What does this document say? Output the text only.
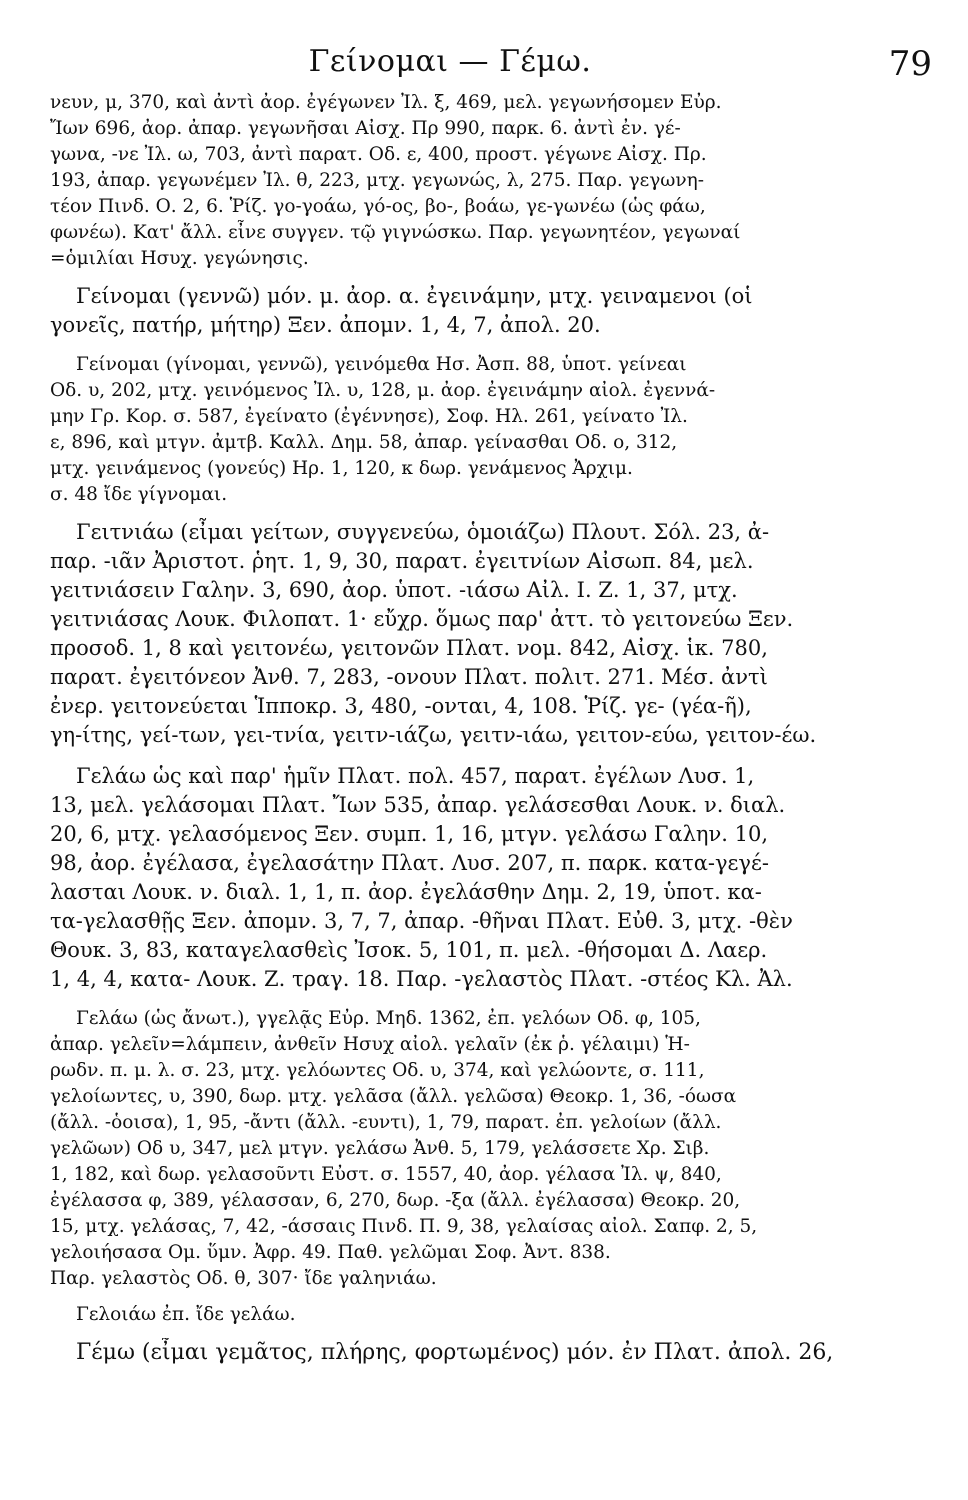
Γείνομαι — Γέμω.	79
νευν, μ, 370, καὶ ἀντὶ ἀορ. ἐγέγωνεν Ἰλ. ξ, 469, μελ. γεγωνήσομεν Εὐρ.
Ἴων 696, ἀορ. ἀπαρ. γεγωνῆσαι Αἰσχ. Πρ 990, παρκ. 6. ἀντὶ ἐν. γέ-
γωνα, -νε Ἰλ. ω, 703, ἀντὶ παρατ. Οδ. ε, 400, προστ. γέγωνε Αἰσχ. Πρ.
193, ἀπαρ. γεγωνέμεν Ἰλ. θ, 223, μτχ. γεγωνώς, λ, 275. Παρ. γεγωνη-
τέον Πινδ. Ο. 2, 6. Ῥίζ. γο-γοάω, γό-ος, βο-, βοάω, γε-γωνέω (ὡς φάω,
φωνέω). Κατ' ἄλλ. εἶνε συγγεν. τῷ γιγνώσκω. Παρ. γεγωνητέον, γεγωναί
=ὁμιλίαι Ησυχ. γεγώνησις.
Γείνομαι (γεννῶ) μόν. μ. ἀορ. α. ἐγεινάμην, μτχ. γειναμενοι (οἱ
γονεῖς, πατήρ, μήτηρ) Ξεν. ἀπομν. 1, 4, 7, ἀπολ. 20.
Γείνομαι (γίνομαι, γεννῶ), γεινόμεθα Ησ. Ἀσπ. 88, ὑποτ. γείνεαι
Οδ. υ, 202, μτχ. γεινόμενος Ἰλ. υ, 128, μ. ἀορ. ἐγεινάμην αἰολ. ἐγεννά-
μην Γρ. Κορ. σ. 587, ἐγείνατο (ἐγέννησε), Σοφ. Ηλ. 261, γείνατο Ἰλ.
ε, 896, καὶ μτγν. ἀμτβ. Καλλ. Δημ. 58, ἀπαρ. γείνασθαι Οδ. ο, 312,
μτχ. γεινάμενος (γονεύς) Ηρ. 1, 120, κ δωρ. γενάμενος Ἀρχιμ.
σ. 48 ἴδε γίγνομαι.
Γειτνιάω (εἶμαι γείτων, συγγενεύω, ὁμοιάζω) Πλουτ. Σόλ. 23, ἀ-
παρ. -ιᾶν Ἀριστοτ. ῥητ. 1, 9, 30, παρατ. ἐγειτνίων Αἰσωπ. 84, μελ.
γειτνιάσειν Γαλην. 3, 690, ἀορ. ὑποτ. -ιάσω Αἰλ. Ι. Ζ. 1, 37, μτχ.
γειτνιάσας Λουκ. Φιλοπατ. 1· εὔχρ. ὅμως παρ' ἀττ. τὸ γειτονεύω Ξεν.
προσοδ. 1, 8 καὶ γειτονέω, γειτονῶν Πλατ. νομ. 842, Αἰσχ. ἱκ. 780,
παρατ. ἐγειτόνεον Ἀνθ. 7, 283, -ονουν Πλατ. πολιτ. 271. Μέσ. ἀντὶ
ἐνερ. γειτονεύεται Ἱπποκρ. 3, 480, -ονται, 4, 108. Ῥίζ. γε- (γέα-ῆ),
γη-ίτης, γεί-των, γει-τνία, γειτν-ιάζω, γειτν-ιάω, γειτον-εύω, γειτον-έω.
Γελάω ὡς καὶ παρ' ἡμῖν Πλατ. πολ. 457, παρατ. ἐγέλων Λυσ. 1,
13, μελ. γελάσομαι Πλατ. Ἴων 535, ἀπαρ. γελάσεσθαι Λουκ. ν. διαλ.
20, 6, μτχ. γελασόμενος Ξεν. συμπ. 1, 16, μτγν. γελάσω Γαλην. 10,
98, ἀορ. ἐγέλασα, ἐγελασάτην Πλατ. Λυσ. 207, π. παρκ. κατα-γεγέ-
λασται Λουκ. ν. διαλ. 1, 1, π. ἀορ. ἐγελάσθην Δημ. 2, 19, ὑποτ. κα-
τα-γελασθῇς Ξεν. ἀπομν. 3, 7, 7, ἀπαρ. -θῆναι Πλατ. Εὐθ. 3, μτχ. -θὲν
Θουκ. 3, 83, καταγελασθεὶς Ἰσοκ. 5, 101, π. μελ. -θήσομαι Δ. Λαερ.
1, 4, 4, κατα- Λουκ. Ζ. τραγ. 18. Παρ. -γελαστὸς Πλατ. -στέος Κλ. Ἀλ.
Γελάω (ὡς ἄνωτ.), γγελᾷς Εὐρ. Μηδ. 1362, ἐπ. γελόων Οδ. φ, 105,
ἀπαρ. γελεῖν=λάμπειν, ἀνθεῖν Ησυχ αἰολ. γελαῖν (ἐκ ῥ. γέλαιμι) Ἡ-
ρωδν. π. μ. λ. σ. 23, μτχ. γελόωντες Οδ. υ, 374, καὶ γελώοντε, σ. 111,
γελοίωντες, υ, 390, δωρ. μτχ. γελᾶσα (ἄλλ. γελῶσα) Θεοκρ. 1, 36, -όωσα
(ἄλλ. -ὁοισα), 1, 95, -ἄντι (ἄλλ. -ευντι), 1, 79, παρατ. ἐπ. γελοίων (ἄλλ.
γελῶων) Οδ υ, 347, μελ μτγν. γελάσω Ἀνθ. 5, 179, γελάσσετε Χρ. Σιβ.
1, 182, καὶ δωρ. γελασοῦντι Εὐστ. σ. 1557, 40, ἀορ. γέλασα Ἰλ. ψ, 840,
ἐγέλασσα φ, 389, γέλασσαν, 6, 270, δωρ. -ξα (ἄλλ. ἐγέλασσα) Θεοκρ. 20,
15, μτχ. γελάσας, 7, 42, -άσσαις Πινδ. Π. 9, 38, γελαίσας αἰολ. Σαπφ. 2, 5,
γελοιήσασα Ομ. ὕμν. Ἀφρ. 49. Παθ. γελῶμαι Σοφ. Ἀντ. 838.
Παρ. γελαστὸς Οδ. θ, 307· ἴδε γαληνιάω.
Γελοιάω ἐπ. ἴδε γελάω.
Γέμω (εἶμαι γεμᾶτος, πλήρης, φορτωμένος) μόν. ἐν Πλατ. ἀπολ. 26,
